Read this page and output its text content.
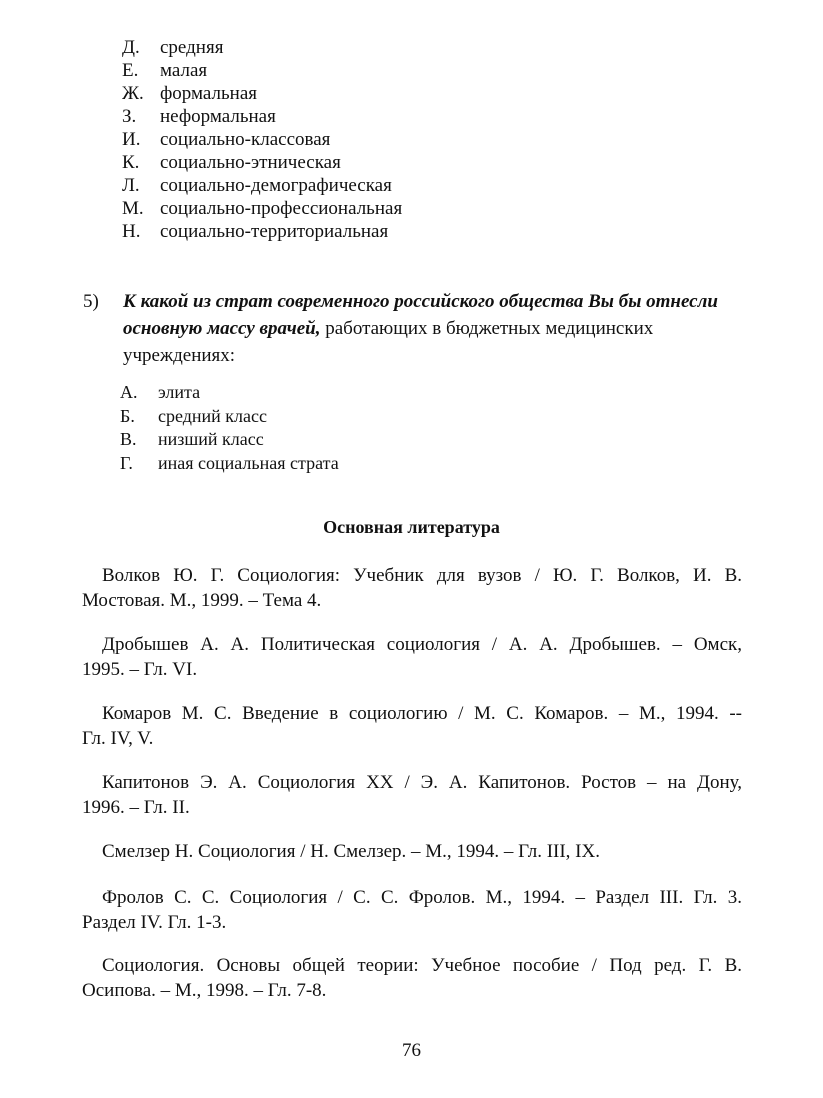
Д. средняя
Е. малая
Ж. формальная
З. неформальная
И. социально-классовая
К. социально-этническая
Л. социально-демографическая
М. социально-профессиональная
Н. социально-территориальная
5) К какой из страт современного российского общества Вы бы отнесли основную массу врачей, работающих в бюджетных медицинских учреждениях:
А. элита
Б. средний класс
В. низший класс
Г. иная социальная страта
Основная литература
Волков Ю. Г. Социология: Учебник для вузов / Ю. Г. Волков, И. В.
Мостовая. М., 1999. – Тема 4.
Дробышев А. А. Политическая социология / А. А. Дробышев. – Омск,
1995. – Гл. VI.
Комаров М. С. Введение в социологию / М. С. Комаров. – М., 1994. --
Гл. IV, V.
Капитонов Э. А. Социология XX / Э. А. Капитонов. Ростов – на Дону,
1996. – Гл. II.
Смелзер Н. Социология / Н. Смелзер. – М., 1994. – Гл. III, IX.
Фролов С. С. Социология / С. С. Фролов. М., 1994. – Раздел III. Гл. 3.
Раздел IV. Гл. 1-3.
Социология. Основы общей теории: Учебное пособие / Под ред. Г. В.
Осипова. – М., 1998. – Гл. 7-8.
76
